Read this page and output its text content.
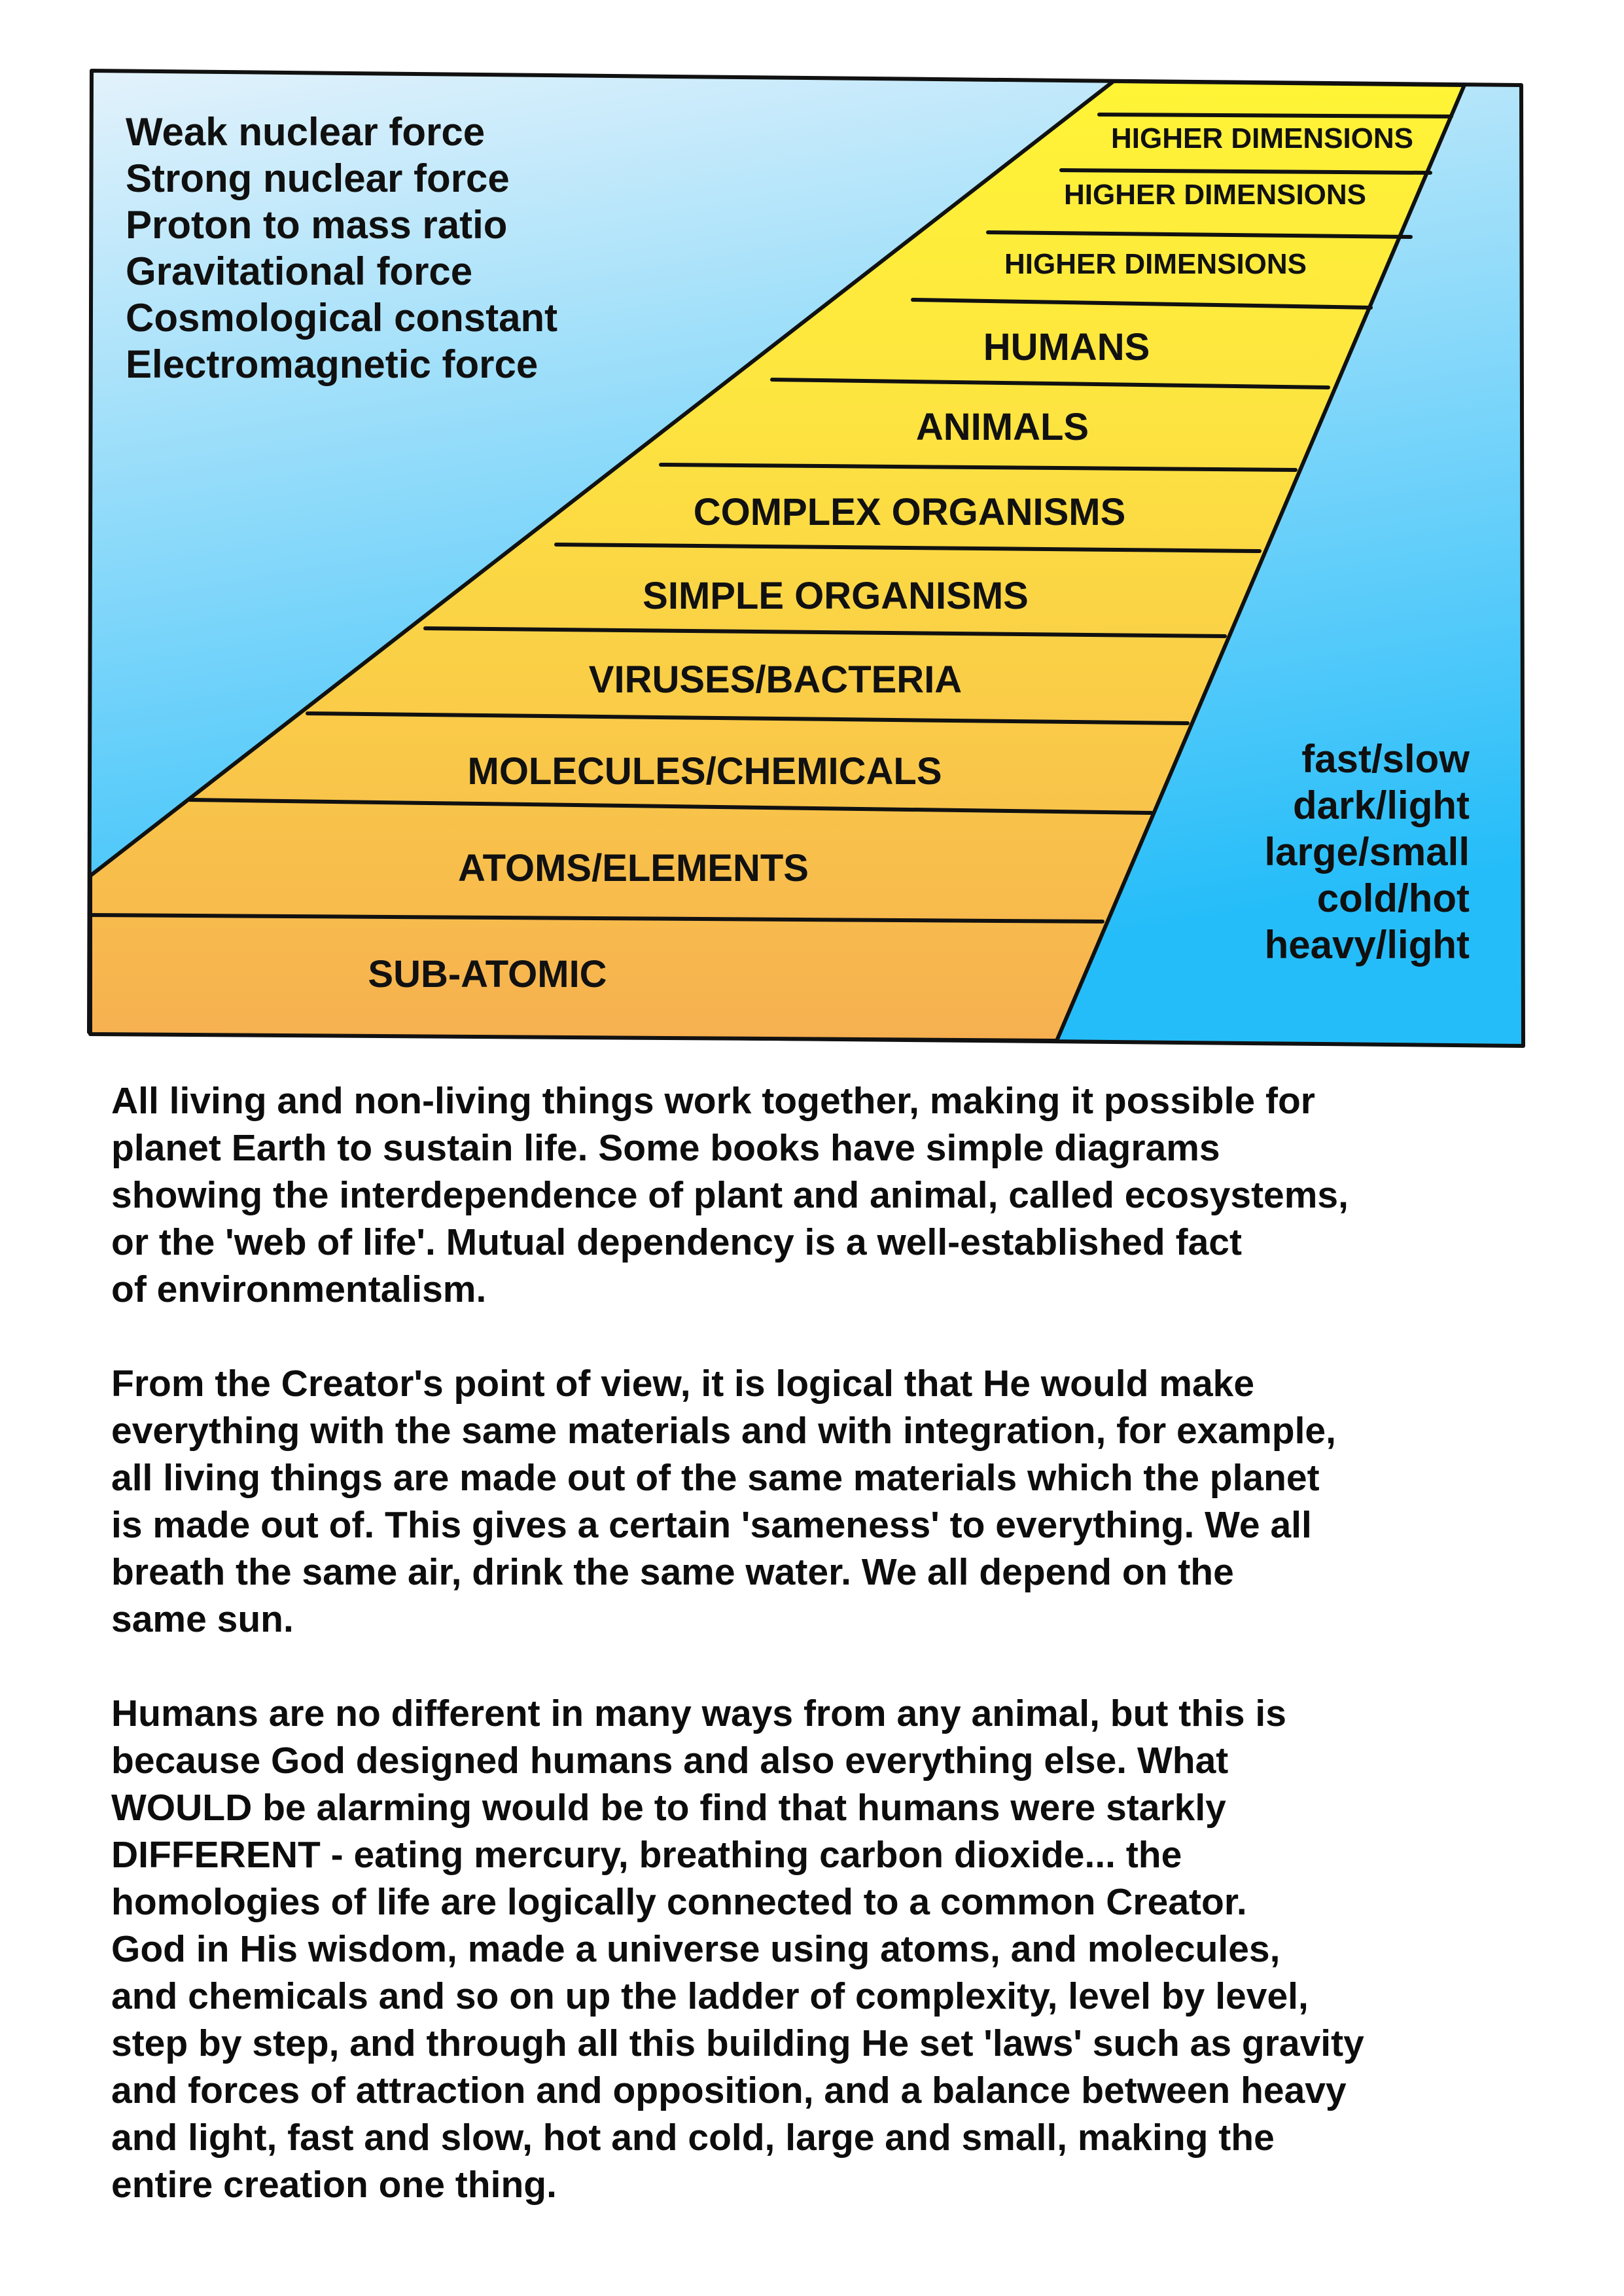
HIGHER DIMENSIONS
HIGHER DIMENSIONS
HIGHER DIMENSIONS
HUMANS
ANIMALS
COMPLEX ORGANISMS
SIMPLE ORGANISMS
VIRUSES/BACTERIA
MOLECULES/CHEMICALS
ATOMS/ELEMENTS
SUB-ATOMIC
Weak nuclear force
Strong nuclear force
Proton to mass ratio
Gravitational force
Cosmological constant
Electromagnetic force
fast/slow
dark/light
large/small
cold/hot
heavy/light

All living and non-living things work together, making it possible for
planet Earth to sustain life. Some books have simple diagrams
showing the interdependence of plant and animal, called ecosystems,
or the 'web of life'. Mutual dependency is a well-established fact
of environmentalism.

From the Creator's point of view, it is logical that He would make
everything with the same materials and with integration, for example,
all living things are made out of the same materials which the planet
is made out of. This gives a certain 'sameness' to everything. We all
breath the same air, drink the same water. We all depend on the
same sun.

Humans are no different in many ways from any animal, but this is
because God designed humans and also everything else. What
WOULD be alarming would be to find that humans were starkly
DIFFERENT - eating mercury, breathing carbon dioxide... the
homologies of life are logically connected to a common Creator.
God in His wisdom, made a universe using atoms, and molecules,
and chemicals and so on up the ladder of complexity, level by level,
step by step, and through all this building He set 'laws' such as gravity
and forces of attraction and opposition, and a balance between heavy
and light, fast and slow, hot and cold, large and small, making the
entire creation one thing.
